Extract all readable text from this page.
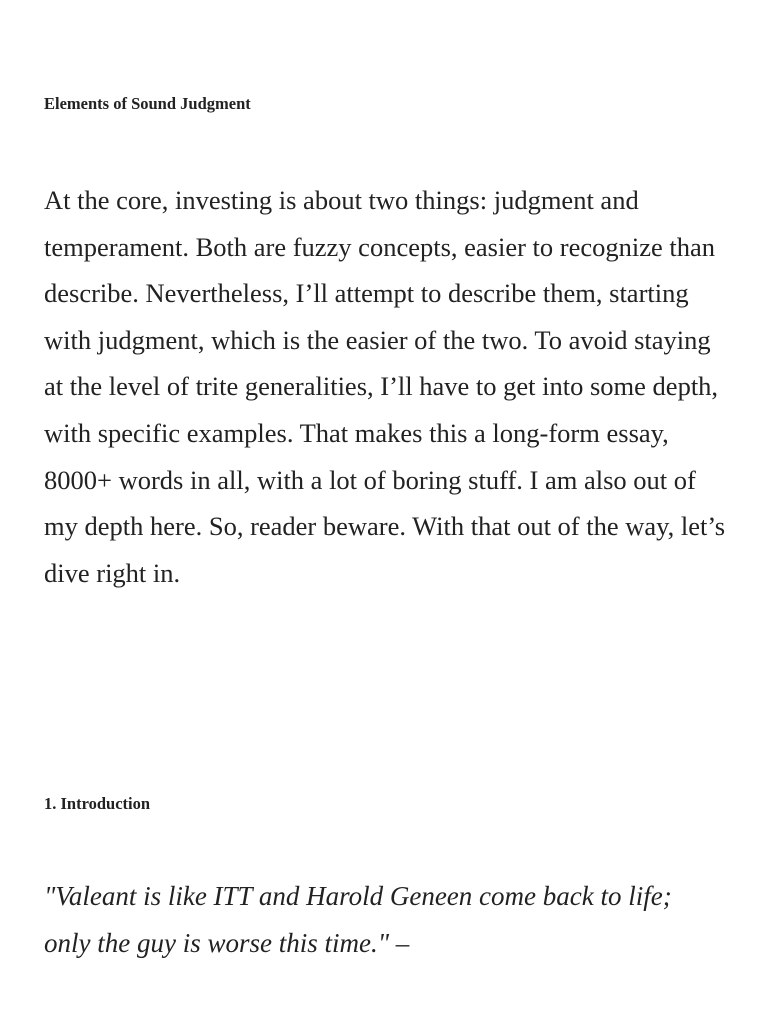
Elements of Sound Judgment

At the core, investing is about two things: judgment and temperament. Both are fuzzy concepts, easier to recognize than describe. Nevertheless, I’ll attempt to describe them, starting with judgment, which is the easier of the two. To avoid staying at the level of trite generalities, I’ll have to get into some depth, with specific examples. That makes this a long-form essay, 8000+ words in all, with a lot of boring stuff. I am also out of my depth here. So, reader beware. With that out of the way, let’s dive right in.

1. Introduction
"Valeant is like ITT and Harold Geneen come back to life; only the guy is worse this time." –
